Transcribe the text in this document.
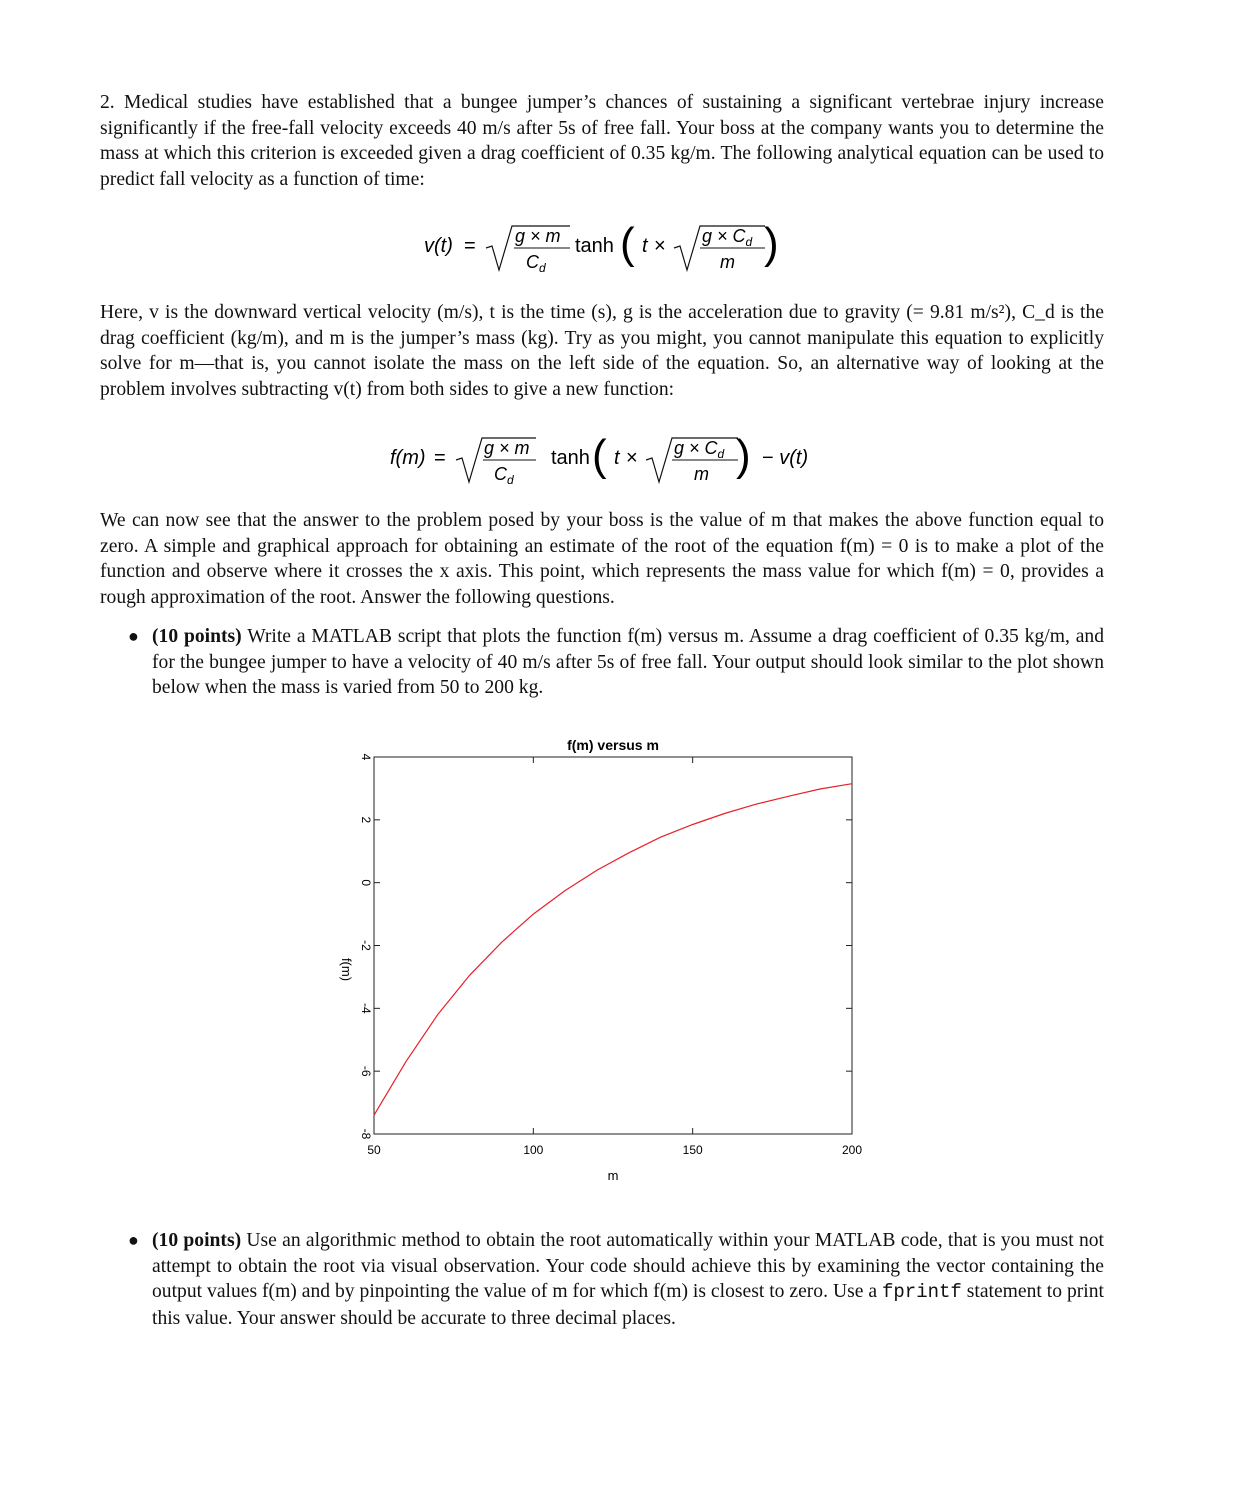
2. Medical studies have established that a bungee jumper’s chances of sustaining a significant vertebrae injury increase significantly if the free-fall velocity exceeds 40 m/s after 5s of free fall. Your boss at the company wants you to determine the mass at which this criterion is exceeded given a drag coefficient of 0.35 kg/m. The following analytical equation can be used to predict fall velocity as a function of time:
v(t) = g × m
$C_d$
tanh ( $t \times g \times C_d$
m )
Here, v is the downward vertical velocity (m/s), t is the time (s), g is the acceleration due to gravity (= 9.81 m/s²), C_d is the drag coefficient (kg/m), and m is the jumper’s mass (kg). Try as you might, you cannot manipulate this equation to explicitly solve for m—that is, you cannot isolate the mass on the left side of the equation. So, an alternative way of looking at the problem involves subtracting v(t) from both sides to give a new function:
f(m) = g × m
$C_d$
tanh ( $t \times g \times C_d$
m ) − v(t)
We can now see that the answer to the problem posed by your boss is the value of m that makes the above function equal to zero. A simple and graphical approach for obtaining an estimate of the root of the equation f(m) = 0 is to make a plot of the function and observe where it crosses the x axis. This point, which represents the mass value for which f(m) = 0, provides a rough approximation of the root. Answer the following questions.
● (10 points) Write a MATLAB script that plots the function f(m) versus m. Assume a drag coefficient of 0.35 kg/m, and for the bungee jumper to have a velocity of 40 m/s after 5s of free fall. Your output should look similar to the plot shown below when the mass is varied from 50 to 200 kg.
f(m) versus m
4
2
0
-2
-4
-6
-8
50	100	150	200
m
f(m)
● (10 points) Use an algorithmic method to obtain the root automatically within your MATLAB code, that is you must not attempt to obtain the root via visual observation. Your code should achieve this by examining the vector containing the output values f(m) and by pinpointing the value of m for which f(m) is closest to zero. Use a fprintf statement to print this value. Your answer should be accurate to three decimal places.
